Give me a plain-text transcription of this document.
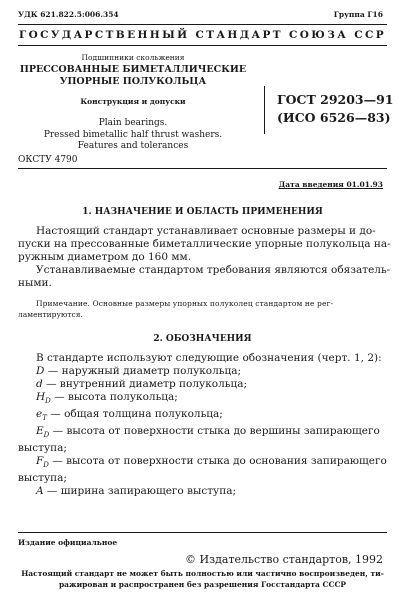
УДК 621.822.5:006.354	Группа Г16
ГОСУДАРСТВЕННЫЙ СТАНДАРТ СОЮЗА ССР
Подшипники скольжения
ПРЕССОВАННЫЕ БИМЕТАЛЛИЧЕСКИЕ
УПОРНЫЕ ПОЛУКОЛЬЦА
Конструкция и допуски
Plain bearings.
Pressed bimetallic half thrust washers.
Features and tolerances
ГОСТ 29203—91
(ИСО 6526—83)
ОКСТУ 4790
Дата введения 01.01.93
1. НАЗНАЧЕНИЕ И ОБЛАСТЬ ПРИМЕНЕНИЯ
Настоящий стандарт устанавливает основные размеры и до-
пуски на прессованные биметаллические упорные полукольца на-
ружным диаметром до 160 мм.
Устанавливаемые стандартом требования являются обязатель-
ными.
Примечание. Основные размеры упорных полуколец стандартом не рег-
ламентируются.
2. ОБОЗНАЧЕНИЯ
В стандарте используют следующие обозначения (черт. 1, 2):
D — наружный диаметр полукольца;
d — внутренний диаметр полукольца;
$H_D$ — высота полукольца;
$e_T$ — общая толщина полукольца;
$E_D$ — высота от поверхности стыка до вершины запирающего
выступа;
$F_D$ — высота от поверхности стыка до основания запирающего
выступа;
A — ширина запирающего выступа;
Издание официальное
© Издательство стандартов, 1992
Настоящий стандарт не может быть полностью или частично воспроизведен, ти-
ражирован и распространен без разрешения Госстандарта СССР
